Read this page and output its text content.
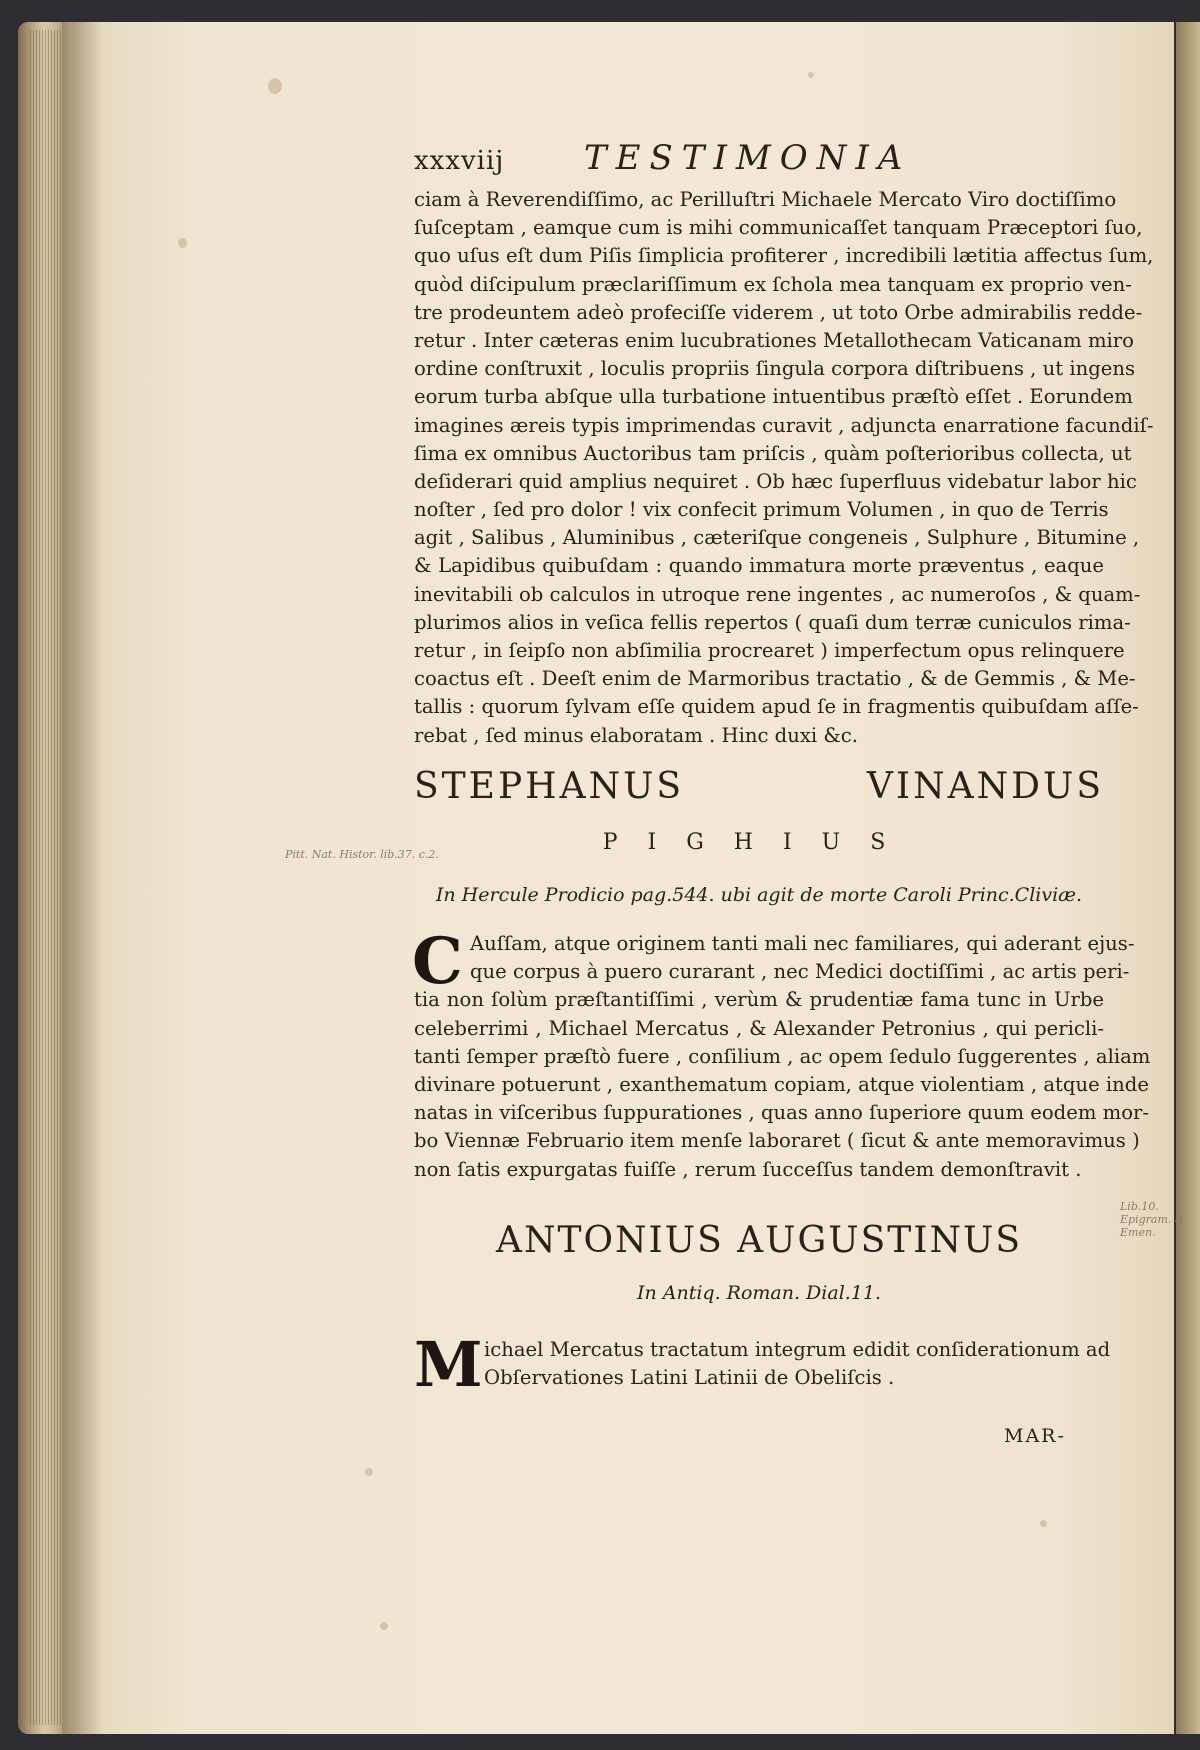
xxxviij TESTIMONIA
ciam à Reverendiſſimo, ac Perilluſtri Michaele Mercato Viro doctiſſimo
ſuſceptam , eamque cum is mihi communicaſſet tanquam Præceptori ſuo,
quo uſus eſt dum Piſis ſimplicia profiterer , incredibili lætitia affectus ſum,
quòd diſcipulum præclariſſimum ex ſchola mea tanquam ex proprio ven-
tre prodeuntem adeò profeciſſe viderem , ut toto Orbe admirabilis redde-
retur . Inter cæteras enim lucubrationes Metallothecam Vaticanam miro
ordine conſtruxit , loculis propriis ſingula corpora diſtribuens , ut ingens
eorum turba abſque ulla turbatione intuentibus præſtò eſſet . Eorundem
imagines æreis typis imprimendas curavit , adjuncta enarratione facundiſ-
ſima ex omnibus Auctoribus tam priſcis , quàm poſterioribus collecta, ut
deſiderari quid amplius nequiret . Ob hæc ſuperfluus videbatur labor hic
noſter , ſed pro dolor ! vix confecit primum Volumen , in quo de Terris
agit , Salibus , Aluminibus , cæteriſque congeneis , Sulphure , Bitumine ,
& Lapidibus quibuſdam : quando immatura morte præventus , eaque
inevitabili ob calculos in utroque rene ingentes , ac numeroſos , & quam-
plurimos alios in veſica fellis repertos ( quaſi dum terræ cuniculos rima-
retur , in ſeipſo non abſimilia procrearet ) imperfectum opus relinquere
coactus eſt . Deeſt enim de Marmoribus tractatio , & de Gemmis , & Me-
tallis : quorum ſylvam eſſe quidem apud ſe in fragmentis quibuſdam aſſe-
rebat , ſed minus elaboratam . Hinc duxi &c.
STEPHANUS VINANDUS
PIGHIUS
In Hercule Prodicio pag.544. ubi agit de morte Caroli Princ.Cliviæ.
Pitt. Nat. Histor. lib.37. c.2.
C Auſſam, atque originem tanti mali nec familiares, qui aderant ejus-
que corpus à puero curarant , nec Medici doctiſſimi , ac artis peri-
tia non ſolùm præſtantiſſimi , verùm & prudentiæ fama tunc in Urbe
celeberrimi , Michael Mercatus , & Alexander Petronius , qui pericli-
tanti ſemper præſtò fuere , conſilium , ac opem ſedulo ſuggerentes , aliam
divinare potuerunt , exanthematum copiam, atque violentiam , atque inde
natas in viſceribus ſuppurationes , quas anno ſuperiore quum eodem mor-
bo Viennæ Februario item menſe laboraret ( ſicut & ante memoravimus )
non ſatis expurgatas fuiſſe , rerum ſucceſſus tandem demonſtravit .
Lib.10. Epigram. & Emen.
ANTONIUS AUGUSTINUS
In Antiq. Roman. Dial.11.
M ichael Mercatus tractatum integrum edidit conſiderationum ad
Obſervationes Latini Latinii de Obeliſcis .
MAR-
